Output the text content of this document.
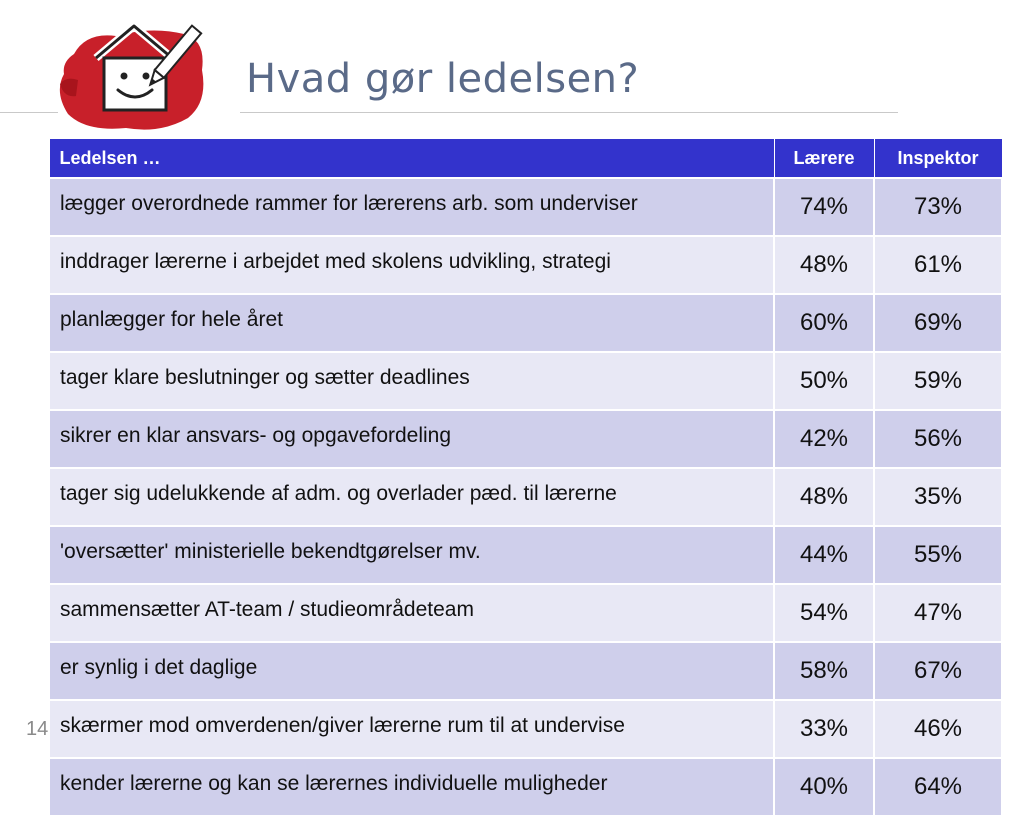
Hvad gør ledelsen?
Ledelsen …	Lærere	Inspektor
lægger overordnede rammer for lærerens arb. som underviser	74%	73%
inddrager lærerne i arbejdet med skolens udvikling, strategi	48%	61%
planlægger for hele året	60%	69%
tager klare beslutninger og sætter deadlines	50%	59%
sikrer en klar ansvars- og opgavefordeling	42%	56%
tager sig udelukkende af adm. og overlader pæd. til lærerne	48%	35%
'oversætter' ministerielle bekendtgørelser mv.	44%	55%
sammensætter AT-team / studieområdeteam	54%	47%
er synlig i det daglige	58%	67%
skærmer mod omverdenen/giver lærerne rum til at undervise	33%	46%
kender lærerne og kan se lærernes individuelle muligheder	40%	64%
14
